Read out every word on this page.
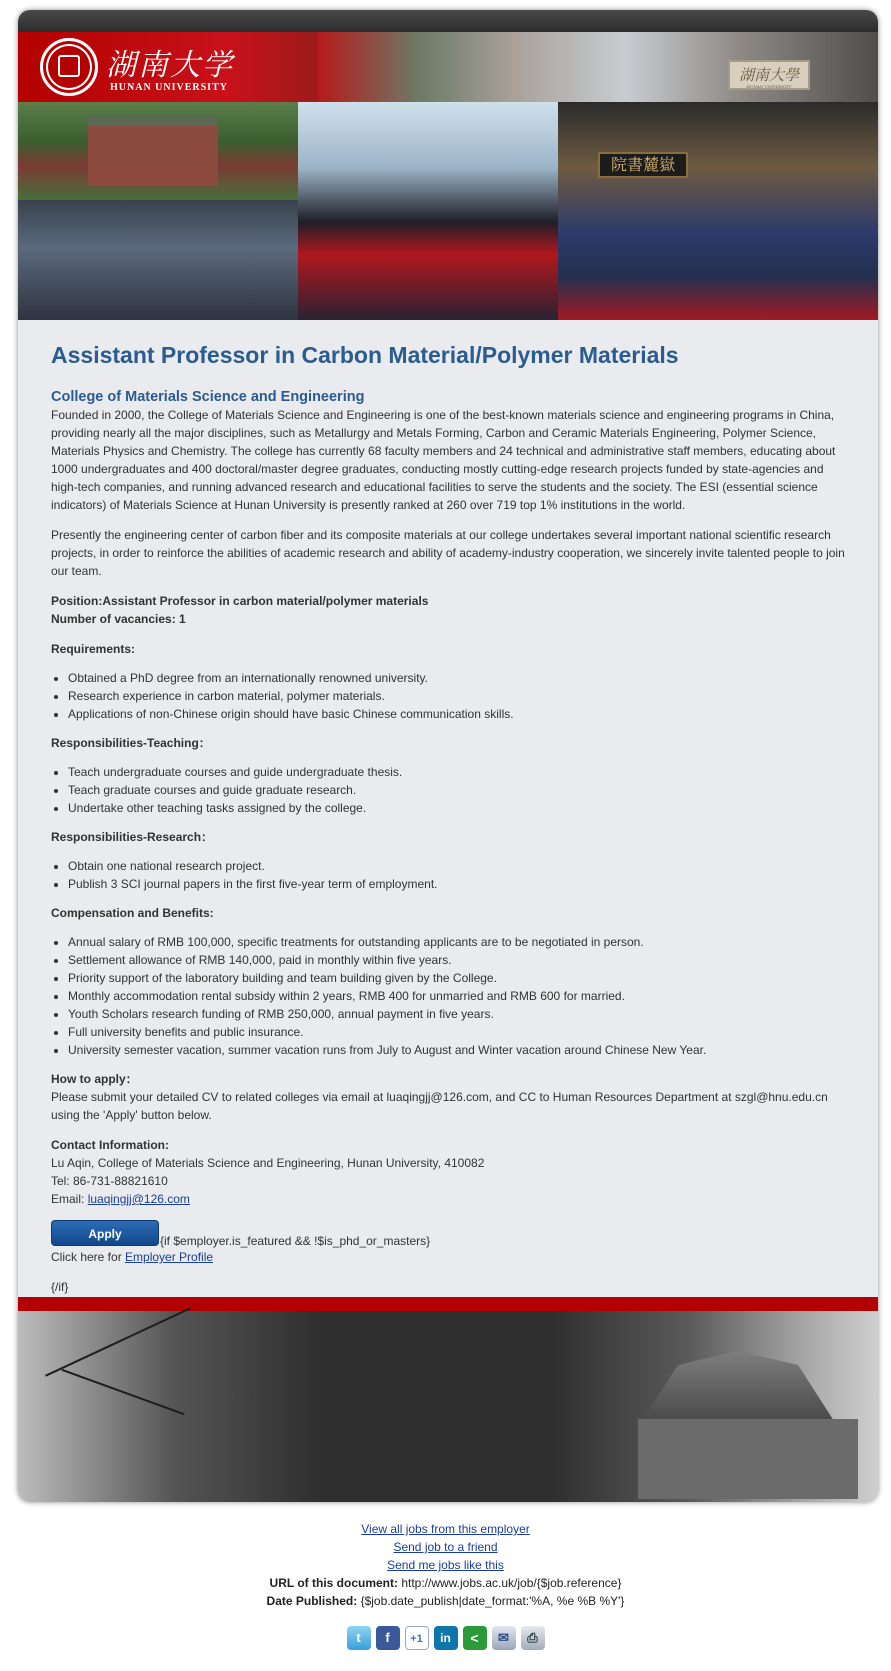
湖南大學
HUNAN UNIVERSITY
院書麓嶽
湖南大学
HUNAN UNIVERSITY
Assistant Professor in Carbon Material/Polymer Materials
College of Materials Science and Engineering

Founded in 2000, the College of Materials Science and Engineering is one of the best-known materials science and engineering programs in China, providing nearly all the major disciplines, such as Metallurgy and Metals Forming, Carbon and Ceramic Materials Engineering, Polymer Science, Materials Physics and Chemistry. The college has currently 68 faculty members and 24 technical and administrative staff members, educating about 1000 undergraduates and 400 doctoral/master degree graduates, conducting mostly cutting-edge research projects funded by state-agencies and high-tech companies, and running advanced research and educational facilities to serve the students and the society. The ESI (essential science indicators) of Materials Science at Hunan University is presently ranked at 260 over 719 top 1% institutions in the world.

Presently the engineering center of carbon fiber and its composite materials at our college undertakes several important national scientific research projects, in order to reinforce the abilities of academic research and ability of academy-industry cooperation, we sincerely invite talented people to join our team.

Position:Assistant Professor in carbon material/polymer materials

Number of vacancies: 1

Requirements:

• Obtained a PhD degree from an internationally renowned university.
• Research experience in carbon material, polymer materials.
• Applications of non-Chinese origin should have basic Chinese communication skills.

Responsibilities-Teaching：

• Teach undergraduate courses and guide undergraduate thesis.
• Teach graduate courses and guide graduate research.
• Undertake other teaching tasks assigned by the college.

Responsibilities-Research：

• Obtain one national research project.
• Publish 3 SCI journal papers in the first five-year term of employment.

Compensation and Benefits:

• Annual salary of RMB 100,000, specific treatments for outstanding applicants are to be negotiated in person.
• Settlement allowance of RMB 140,000, paid in monthly within five years.
• Priority support of the laboratory building and team building given by the College.
• Monthly accommodation rental subsidy within 2 years, RMB 400 for unmarried and RMB 600 for married.
• Youth Scholars research funding of RMB 250,000, annual payment in five years.
• Full university benefits and public insurance.
• University semester vacation, summer vacation runs from July to August and Winter vacation around Chinese New Year.

How to apply：

Please submit your detailed CV to related colleges via email at luaqingjj@126.com, and CC to Human Resources Department at szgl@hnu.edu.cn using the 'Apply' button below.

Contact Information:

Lu Aqin, College of Materials Science and Engineering, Hunan University, 410082

Tel: 86-731-88821610

Email: luaqingjj@126.com

Apply	{if $employer.is_featured && !$is_phd_or_masters}

Click here for Employer Profile

{/if}

View all jobs from this employer
Send job to a friend
Send me jobs like this
URL of this document: http://www.jobs.ac.uk/job/{$job.reference}
Date Published: {$job.date_publish|date_format:'%A, %e %B %Y'}
t	f	+1	in	<	✉	⎙
